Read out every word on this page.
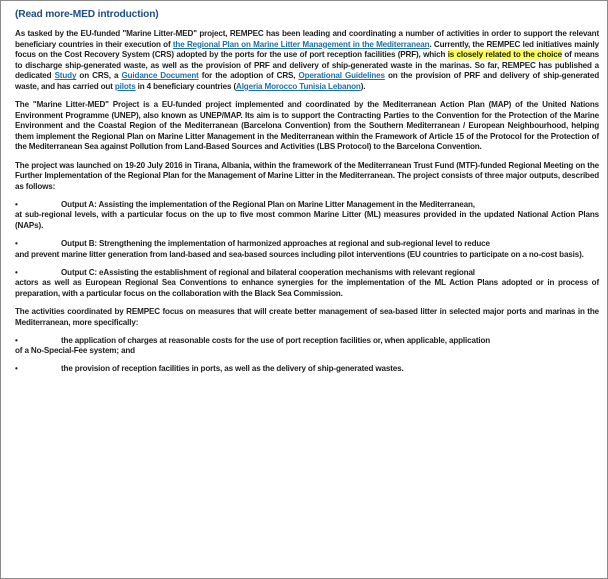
(Read more-MED introduction)

As tasked by the EU-funded "Marine Litter-MED" project, REMPEC has been leading and coordinating a number of activities in order to support the relevant beneficiary countries in their execution of the Regional Plan on Marine Litter Management in the Mediterranean. Currently, the REMPEC led initiatives mainly focus on the Cost Recovery System (CRS) adopted by the ports for the use of port reception facilities (PRF), which is closely related to the choice of means to discharge ship-generated waste, as well as the provision of PRF and delivery of ship-generated waste in the marinas. So far, REMPEC has published a dedicated Study on CRS, a Guidance Document for the adoption of CRS, Operational Guidelines on the provision of PRF and delivery of ship-generated waste, and has carried out pilots in 4 beneficiary countries (Algeria Morocco Tunisia Lebanon).

The "Marine Litter-MED" Project is a EU-funded project implemented and coordinated by the Mediterranean Action Plan (MAP) of the United Nations Environment Programme (UNEP), also known as UNEP/MAP. Its aim is to support the Contracting Parties to the Convention for the Protection of the Marine Environment and the Coastal Region of the Mediterranean (Barcelona Convention) from the Southern Mediterranean / European Neighbourhood, helping them implement the Regional Plan on Marine Litter Management in the Mediterranean within the Framework of Article 15 of the Protocol for the Protection of the Mediterranean Sea against Pollution from Land-Based Sources and Activities (LBS Protocol) to the Barcelona Convention.

The project was launched on 19-20 July 2016 in Tirana, Albania, within the framework of the Mediterranean Trust Fund (MTF)-funded Regional Meeting on the Further Implementation of the Regional Plan for the Management of Marine Litter in the Mediterranean. The project consists of three major outputs, described as follows:

•	Output A: Assisting the implementation of the Regional Plan on Marine Litter Management in the Mediterranean,
at sub-regional levels, with a particular focus on the up to five most common Marine Litter (ML) measures provided in the updated National Action Plans (NAPs).

•	Output B: Strengthening the implementation of harmonized approaches at regional and sub-regional level to reduce
and prevent marine litter generation from land-based and sea-based sources including pilot interventions (EU countries to participate on a no-cost basis).

•	Output C: eAssisting the establishment of regional and bilateral cooperation mechanisms with relevant regional
actors as well as European Regional Sea Conventions to enhance synergies for the implementation of the ML Action Plans adopted or in process of preparation, with a particular focus on the collaboration with the Black Sea Commission.

The activities coordinated by REMPEC focus on measures that will create better management of sea-based litter in selected major ports and marinas in the Mediterranean, more specifically:

•	the application of charges at reasonable costs for the use of port reception facilities or, when applicable, application
of a No-Special-Fee system; and

•	the provision of reception facilities in ports, as well as the delivery of ship-generated wastes.
